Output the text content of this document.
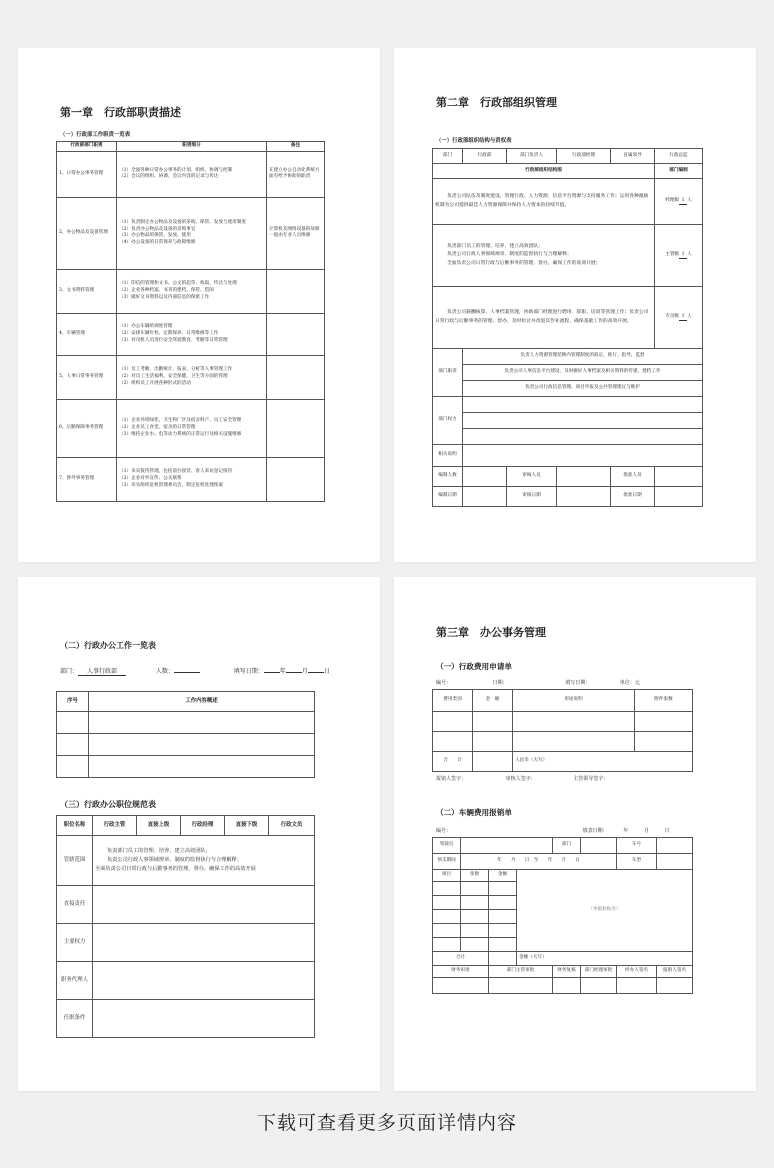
第一章　行政部职责描述
（一）行政部工作职责一览表
行政部部门职责	职责细分	备注
1、日常办公事务管理	（1）全面各种日常办公事务的计划、组织、协调与控制
（2）会议的组织、协调，会议内容的记录与传达	在建立办公自动化系统方面有给予协助的职责
2、办公物品及设备管理	（1）负责制定办公物品及设备的采购、保管、发放与使用制度
（2）负责办公物品及设备的采购事宜
（3）办公物品的保管、发放、使用
（4）办公设备的日常保养与故障维修	计算机及网络设备的故障一般由专业人员维修
3、文书资料管理	（1）印信的管理和文书、公文的起草、收取、传达与处理
（2）企业各种档案、书刊的建档、保管、借阅
（3）做好文书资料以及内部信息的保密工作	

4、车辆管理	（1）办公车辆的调度管理
（2）安排车辆年检、定期保养、日常维修等工作
（3）对司机人员进行安全驾驶教育、考勤等日常管理	

5、人事日常事务管理	（1）员工考勤、出勤统计、报表、分析等人事管理工作
（2）对员工生活福利、安全保健、卫生等方面的管理
（3）组织员工开展各种形式的活动	

6、后勤保障事务管理	（1）企业环境绿化、卫生和厂区及宿舍财产、员工安全管理
（2）企业员工食堂、宿舍的日常管理
（3）维持企业水、电等动力系统的正常运行及相关设施维修	

7、涉外事务管理	（1）来宾接待管理，包括前台接待、客人来访登记接待
（2）企业对外宣传、公关联系
（3）牵头组织危机管理委员会，制定危机处理预案	

第二章　行政部组织管理
（一）行政部组织结构与责权表
部门	行政部	部门负责人	行政部经理	直属领导	行政总监
行政部组织结构图					部门编制

负责公司队伍及制度建设，管理行政、人力资源、信息平台资源与支持服务工作；运用各种激励机制为公司提供最佳人力资源保障并保持人力资本的持续升值。					经理级 1 人

负责部门员工的管理、培养，建立高效团队；
负责公司行政人事领域规章、制度的监督执行与合理解释；
全面负责公司日常行政与后勤事务的管理、督办，确保工作的高效开展；					主管级 1 人

负责公司薪酬核算、人事档案管理，协助部门经理进行聘用、辞职、培训等管理工作；负责公司日常行政与后勤事务的管理、督办，及时检讨并改进其作业流程，确保基础工作的高效开展。					专员级 1 人
部门职责	负责人力资源管理范畴内管理制度的拟定、推行、指导、监督				
	负责公司人事信息平台建设，及时做好人事档案及相关资料的传递，建档工作				
	负责公司行政信息管理、项目申报及公共管理建议与维护				
部门权力					

相关说明					
编制人数		审核人员		批准人员	
编制日期		审核日期		批准日期	
（二）行政办公工作一览表
部门： 人事行政部	人数：	填写日期：	年	月	日
序号	工作内容概述

（三）行政办公职位规范表
职位名称	行政主管	直接上级	行政经理	直接下级	行政文员
管辖范围	负责部门员工的管理、培养，建立高效团队；
负责公司行政人事领域规章、制度的监督执行与合理解释；
全面负责公司日常行政与后勤事务的管理、督办，确保工作的高效开展				

直接责任					
主要权力					
职务代理人					
任职条件					
第三章　办公事务管理
（一）行政费用申请单
编号：	日期：	填写日期：	单位：元
费用类别	金　额	用途说明	附件张数

合　　计		人民币（大写）	
报销人签字：	审核人签字：	主管领导签字：
（二）车辆费用报销单
编号：	填表日期：	年	月	日
驾驶员				部门		车号	
预支期间	年　　月　　日　至　　年　　月　　日					车型	
项目	张数	金额	（单据粘贴处）				

合计			金额（大写）				
财务审批		部门主管审批		财务复核	部门经理审批	经办人签名	报销人签名

下载可查看更多页面详情内容
